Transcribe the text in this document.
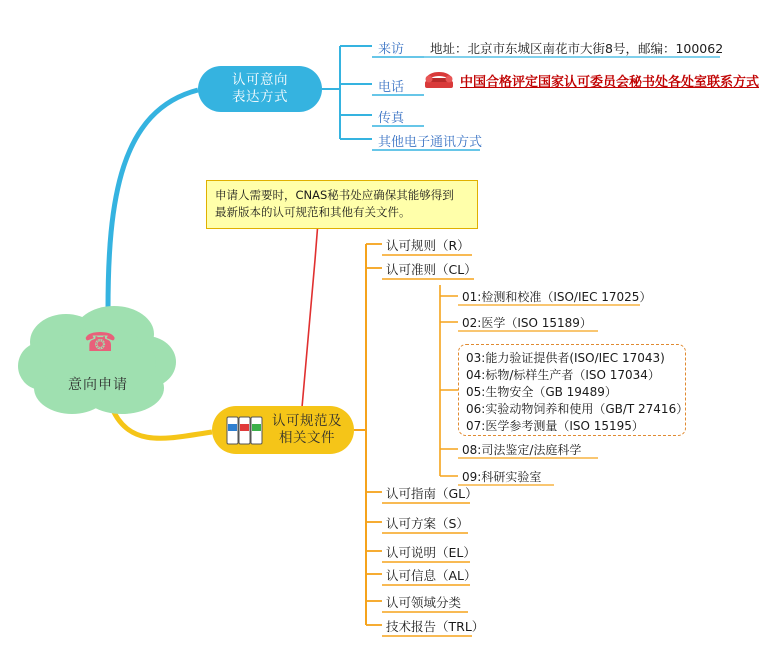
☎
意向申请
认可意向
表达方式
来访
电话
传真
其他电子通讯方式
地址：北京市东城区南花市大街8号，邮编：100062
中国合格评定国家认可委员会秘书处各处室联系方式
申请人需要时，CNAS秘书处应确保其能够得到
最新版本的认可规范和其他有关文件。
认可规范及
相关文件
认可规则（R）
认可准则（CL）
认可指南（GL）
认可方案（S）
认可说明（EL）
认可信息（AL）
认可领域分类
技术报告（TRL）
01:检测和校准（ISO/IEC 17025）
02:医学（ISO 15189）
03:能力验证提供者(ISO/IEC 17043)
04:标物/标样生产者（ISO 17034）
05:生物安全（GB 19489）
06:实验动物饲养和使用（GB/T 27416）
07:医学参考测量（ISO 15195）
08:司法鉴定/法庭科学
09:科研实验室
